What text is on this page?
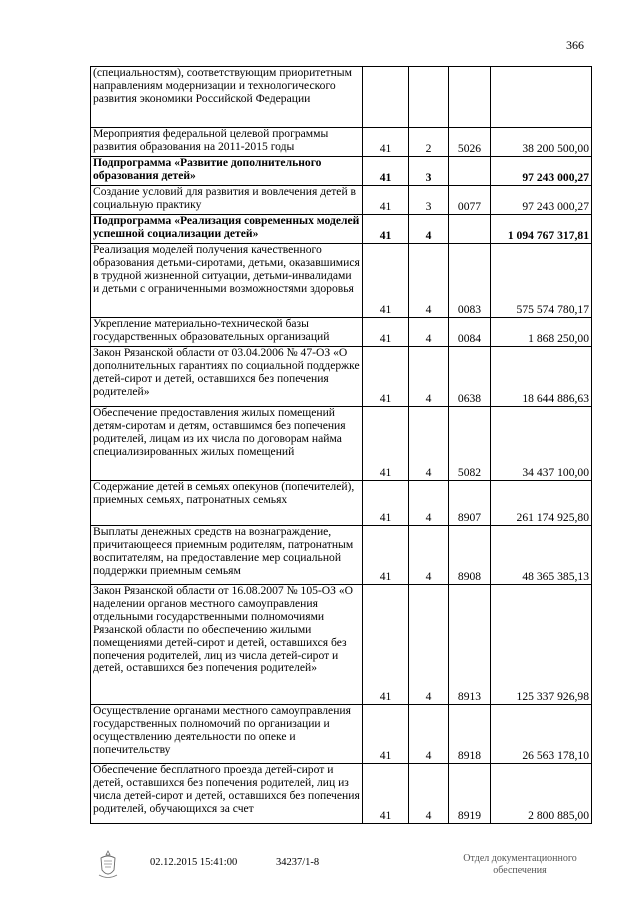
366
(специальностям), соответствующим приоритетным направлениям модернизации и технологического развития экономики Российской Федерации				
Мероприятия федеральной целевой программы развития образования на 2011-2015 годы	41	2	5026	38 200 500,00
Подпрограмма «Развитие дополнительного образования детей»	41	3		97 243 000,27
Создание условий для развития и вовлечения детей в социальную практику	41	3	0077	97 243 000,27
Подпрограмма «Реализация современных моделей успешной социализации детей»	41	4		1 094 767 317,81
Реализация моделей получения качественного образования детьми-сиротами, детьми, оказавшимися в трудной жизненной ситуации, детьми-инвалидами и детьми с ограниченными возможностями здоровья	41	4	0083	575 574 780,17
Укрепление материально-технической базы государственных образовательных организаций	41	4	0084	1 868 250,00
Закон Рязанской области от 03.04.2006 № 47-ОЗ «О дополнительных гарантиях по социальной поддержке детей-сирот и детей, оставшихся без попечения родителей»	41	4	0638	18 644 886,63
Обеспечение предоставления жилых помещений детям-сиротам и детям, оставшимся без попечения родителей, лицам из их числа по договорам найма специализированных жилых помещений	41	4	5082	34 437 100,00
Содержание детей в семьях опекунов (попечителей), приемных семьях, патронатных семьях	41	4	8907	261 174 925,80
Выплаты денежных средств на вознаграждение, причитающееся приемным родителям, патронатным воспитателям, на предоставление мер социальной поддержки приемным семьям	41	4	8908	48 365 385,13
Закон Рязанской области от 16.08.2007 № 105-ОЗ «О наделении органов местного самоуправления отдельными государственными полномочиями Рязанской области по обеспечению жилыми помещениями детей-сирот и детей, оставшихся без попечения родителей, лиц из числа детей-сирот и детей, оставшихся без попечения родителей»	41	4	8913	125 337 926,98
Осуществление органами местного самоуправления государственных полномочий по организации и осуществлению деятельности по опеке и попечительству	41	4	8918	26 563 178,10
Обеспечение бесплатного проезда детей-сирот и детей, оставшихся без попечения родителей, лиц из числа детей-сирот и детей, оставшихся без попечения родителей, обучающихся за счет	41	4	8919	2 800 885,00
02.12.2015 15:41:00	34237/1-8	Отдел документационного обеспечения
